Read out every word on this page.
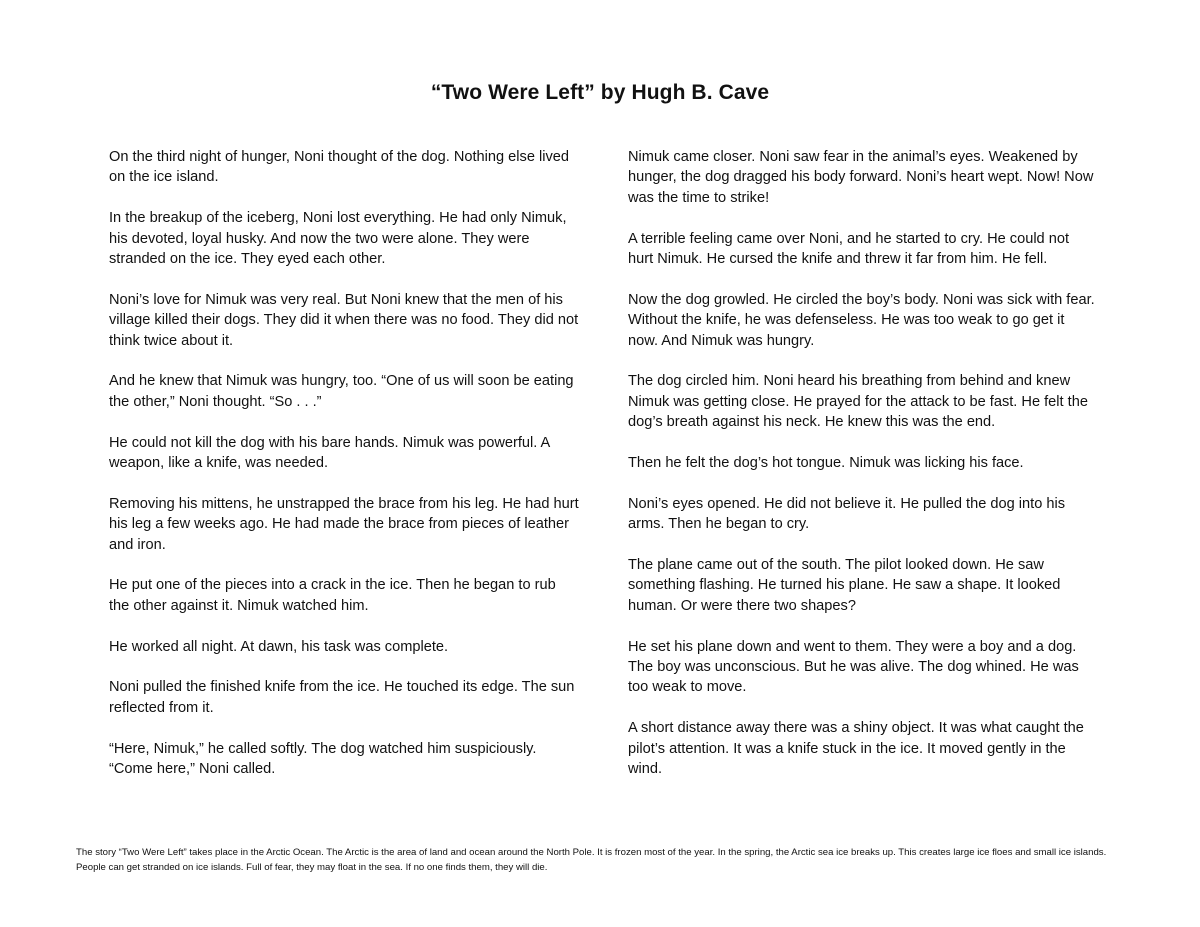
“Two Were Left” by Hugh B. Cave

On the third night of hunger, Noni thought of the dog. Nothing else lived on the ice island.

In the breakup of the iceberg, Noni lost everything. He had only Nimuk, his devoted, loyal husky. And now the two were alone. They were stranded on the ice. They eyed each other.

Noni’s love for Nimuk was very real. But Noni knew that the men of his village killed their dogs. They did it when there was no food. They did not think twice about it.

And he knew that Nimuk was hungry, too. “One of us will soon be eating the other,” Noni thought. “So . . .”

He could not kill the dog with his bare hands. Nimuk was powerful. A weapon, like a knife, was needed.

Removing his mittens, he unstrapped the brace from his leg. He had hurt his leg a few weeks ago. He had made the brace from pieces of leather and iron.

He put one of the pieces into a crack in the ice. Then he began to rub the other against it. Nimuk watched him.

He worked all night. At dawn, his task was complete.

Noni pulled the finished knife from the ice. He touched its edge. The sun reflected from it.

“Here, Nimuk,” he called softly. The dog watched him suspiciously. “Come here,” Noni called.

Nimuk came closer. Noni saw fear in the animal’s eyes. Weakened by hunger, the dog dragged his body forward. Noni’s heart wept. Now! Now was the time to strike!

A terrible feeling came over Noni, and he started to cry. He could not hurt Nimuk. He cursed the knife and threw it far from him. He fell.

Now the dog growled. He circled the boy’s body. Noni was sick with fear. Without the knife, he was defenseless. He was too weak to go get it now. And Nimuk was hungry.

The dog circled him. Noni heard his breathing from behind and knew Nimuk was getting close. He prayed for the attack to be fast. He felt the dog’s breath against his neck. He knew this was the end.

Then he felt the dog’s hot tongue. Nimuk was licking his face.

Noni’s eyes opened. He did not believe it. He pulled the dog into his arms. Then he began to cry.

The plane came out of the south. The pilot looked down. He saw something flashing. He turned his plane. He saw a shape. It looked human. Or were there two shapes?

He set his plane down and went to them. They were a boy and a dog. The boy was unconscious. But he was alive. The dog whined. He was too weak to move.

A short distance away there was a shiny object. It was what caught the pilot’s attention. It was a knife stuck in the ice. It moved gently in the wind.

The story “Two Were Left” takes place in the Arctic Ocean. The Arctic is the area of land and ocean around the North Pole. It is frozen most of the year. In the spring, the Arctic sea ice breaks up. This creates large ice floes and small ice islands. People can get stranded on ice islands. Full of fear, they may float in the sea. If no one finds them, they will die.
